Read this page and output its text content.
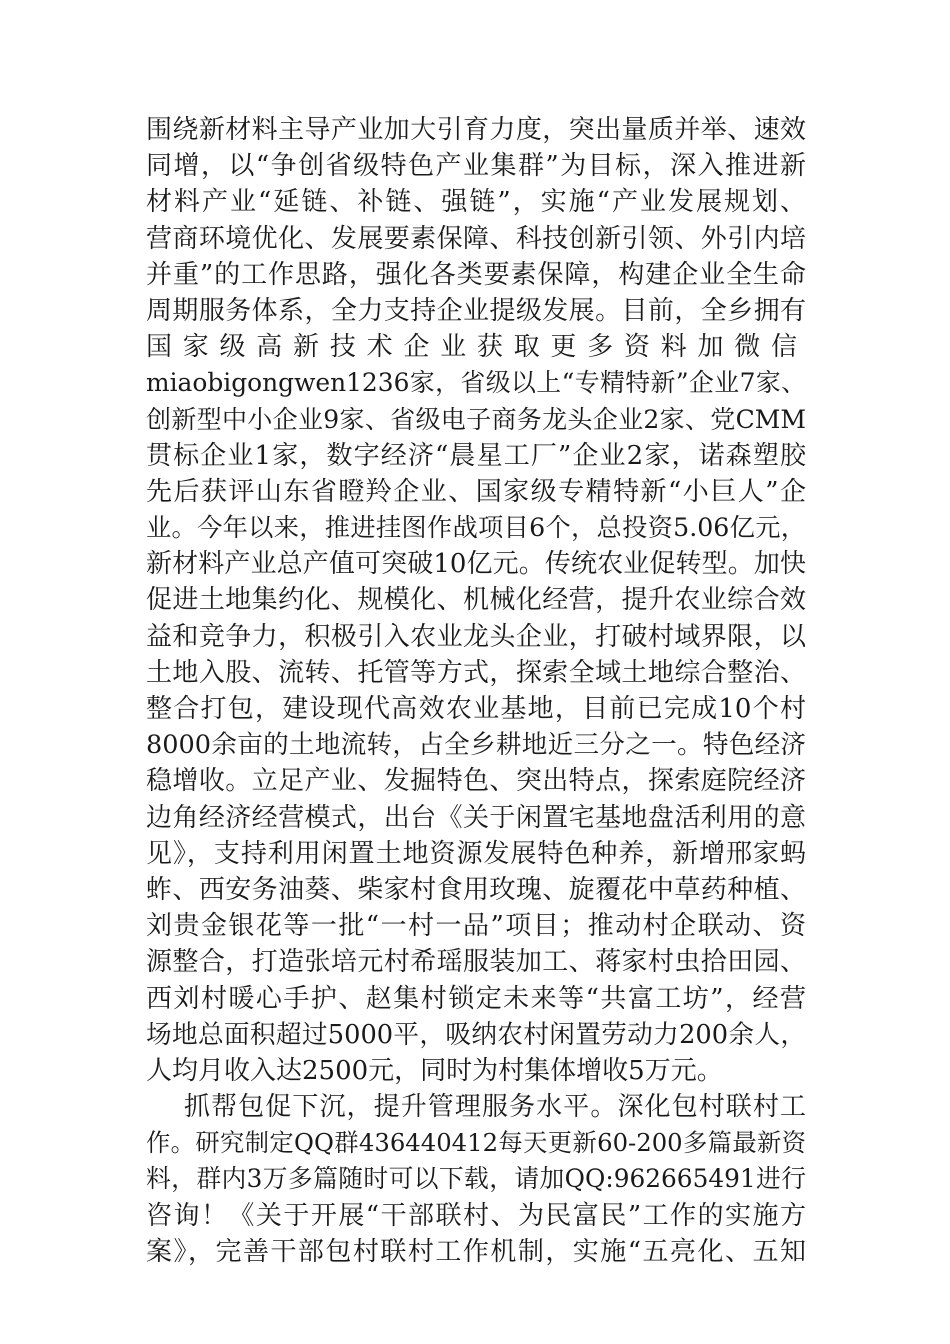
围绕新材料主导产业加大引育力度，突出量质并举、速效
同增，以“争创省级特色产业集群”为目标，深入推进新
材料产业“延链、补链、强链”，实施“产业发展规划、
营商环境优化、发展要素保障、科技创新引领、外引内培
并重”的工作思路，强化各类要素保障，构建企业全生命
周期服务体系，全力支持企业提级发展。目前，全乡拥有
国家级高新技术企业获取更多资料加微信
miaobigongwen1236家，省级以上“专精特新”企业7家、
创新型中小企业9家、省级电子商务龙头企业2家、党CMM
贯标企业1家，数字经济“晨星工厂”企业2家，诺森塑胶
先后获评山东省瞪羚企业、国家级专精特新“小巨人”企
业。今年以来，推进挂图作战项目6个，总投资5.06亿元，
新材料产业总产值可突破10亿元。传统农业促转型。加快
促进土地集约化、规模化、机械化经营，提升农业综合效
益和竞争力，积极引入农业龙头企业，打破村域界限，以
土地入股、流转、托管等方式，探索全域土地综合整治、
整合打包，建设现代高效农业基地，目前已完成10个村
8000余亩的土地流转，占全乡耕地近三分之一。特色经济
稳增收。立足产业、发掘特色、突出特点，探索庭院经济
边角经济经营模式，出台《关于闲置宅基地盘活利用的意
见》，支持利用闲置土地资源发展特色种养，新增邢家蚂
蚱、西安务油葵、柴家村食用玫瑰、旋覆花中草药种植、
刘贵金银花等一批“一村一品”项目；推动村企联动、资
源整合，打造张培元村希瑶服装加工、蒋家村虫拾田园、
西刘村暖心手护、赵集村锁定未来等“共富工坊”，经营
场地总面积超过5000平，吸纳农村闲置劳动力200余人，
人均月收入达2500元，同时为村集体增收5万元。
抓帮包促下沉，提升管理服务水平。深化包村联村工
作。研究制定QQ群436440412每天更新60-200多篇最新资
料，群内3万多篇随时可以下载，请加QQ:962665491进行
咨询！《关于开展“干部联村、为民富民”工作的实施方
案》，完善干部包村联村工作机制，实施“五亮化、五知
